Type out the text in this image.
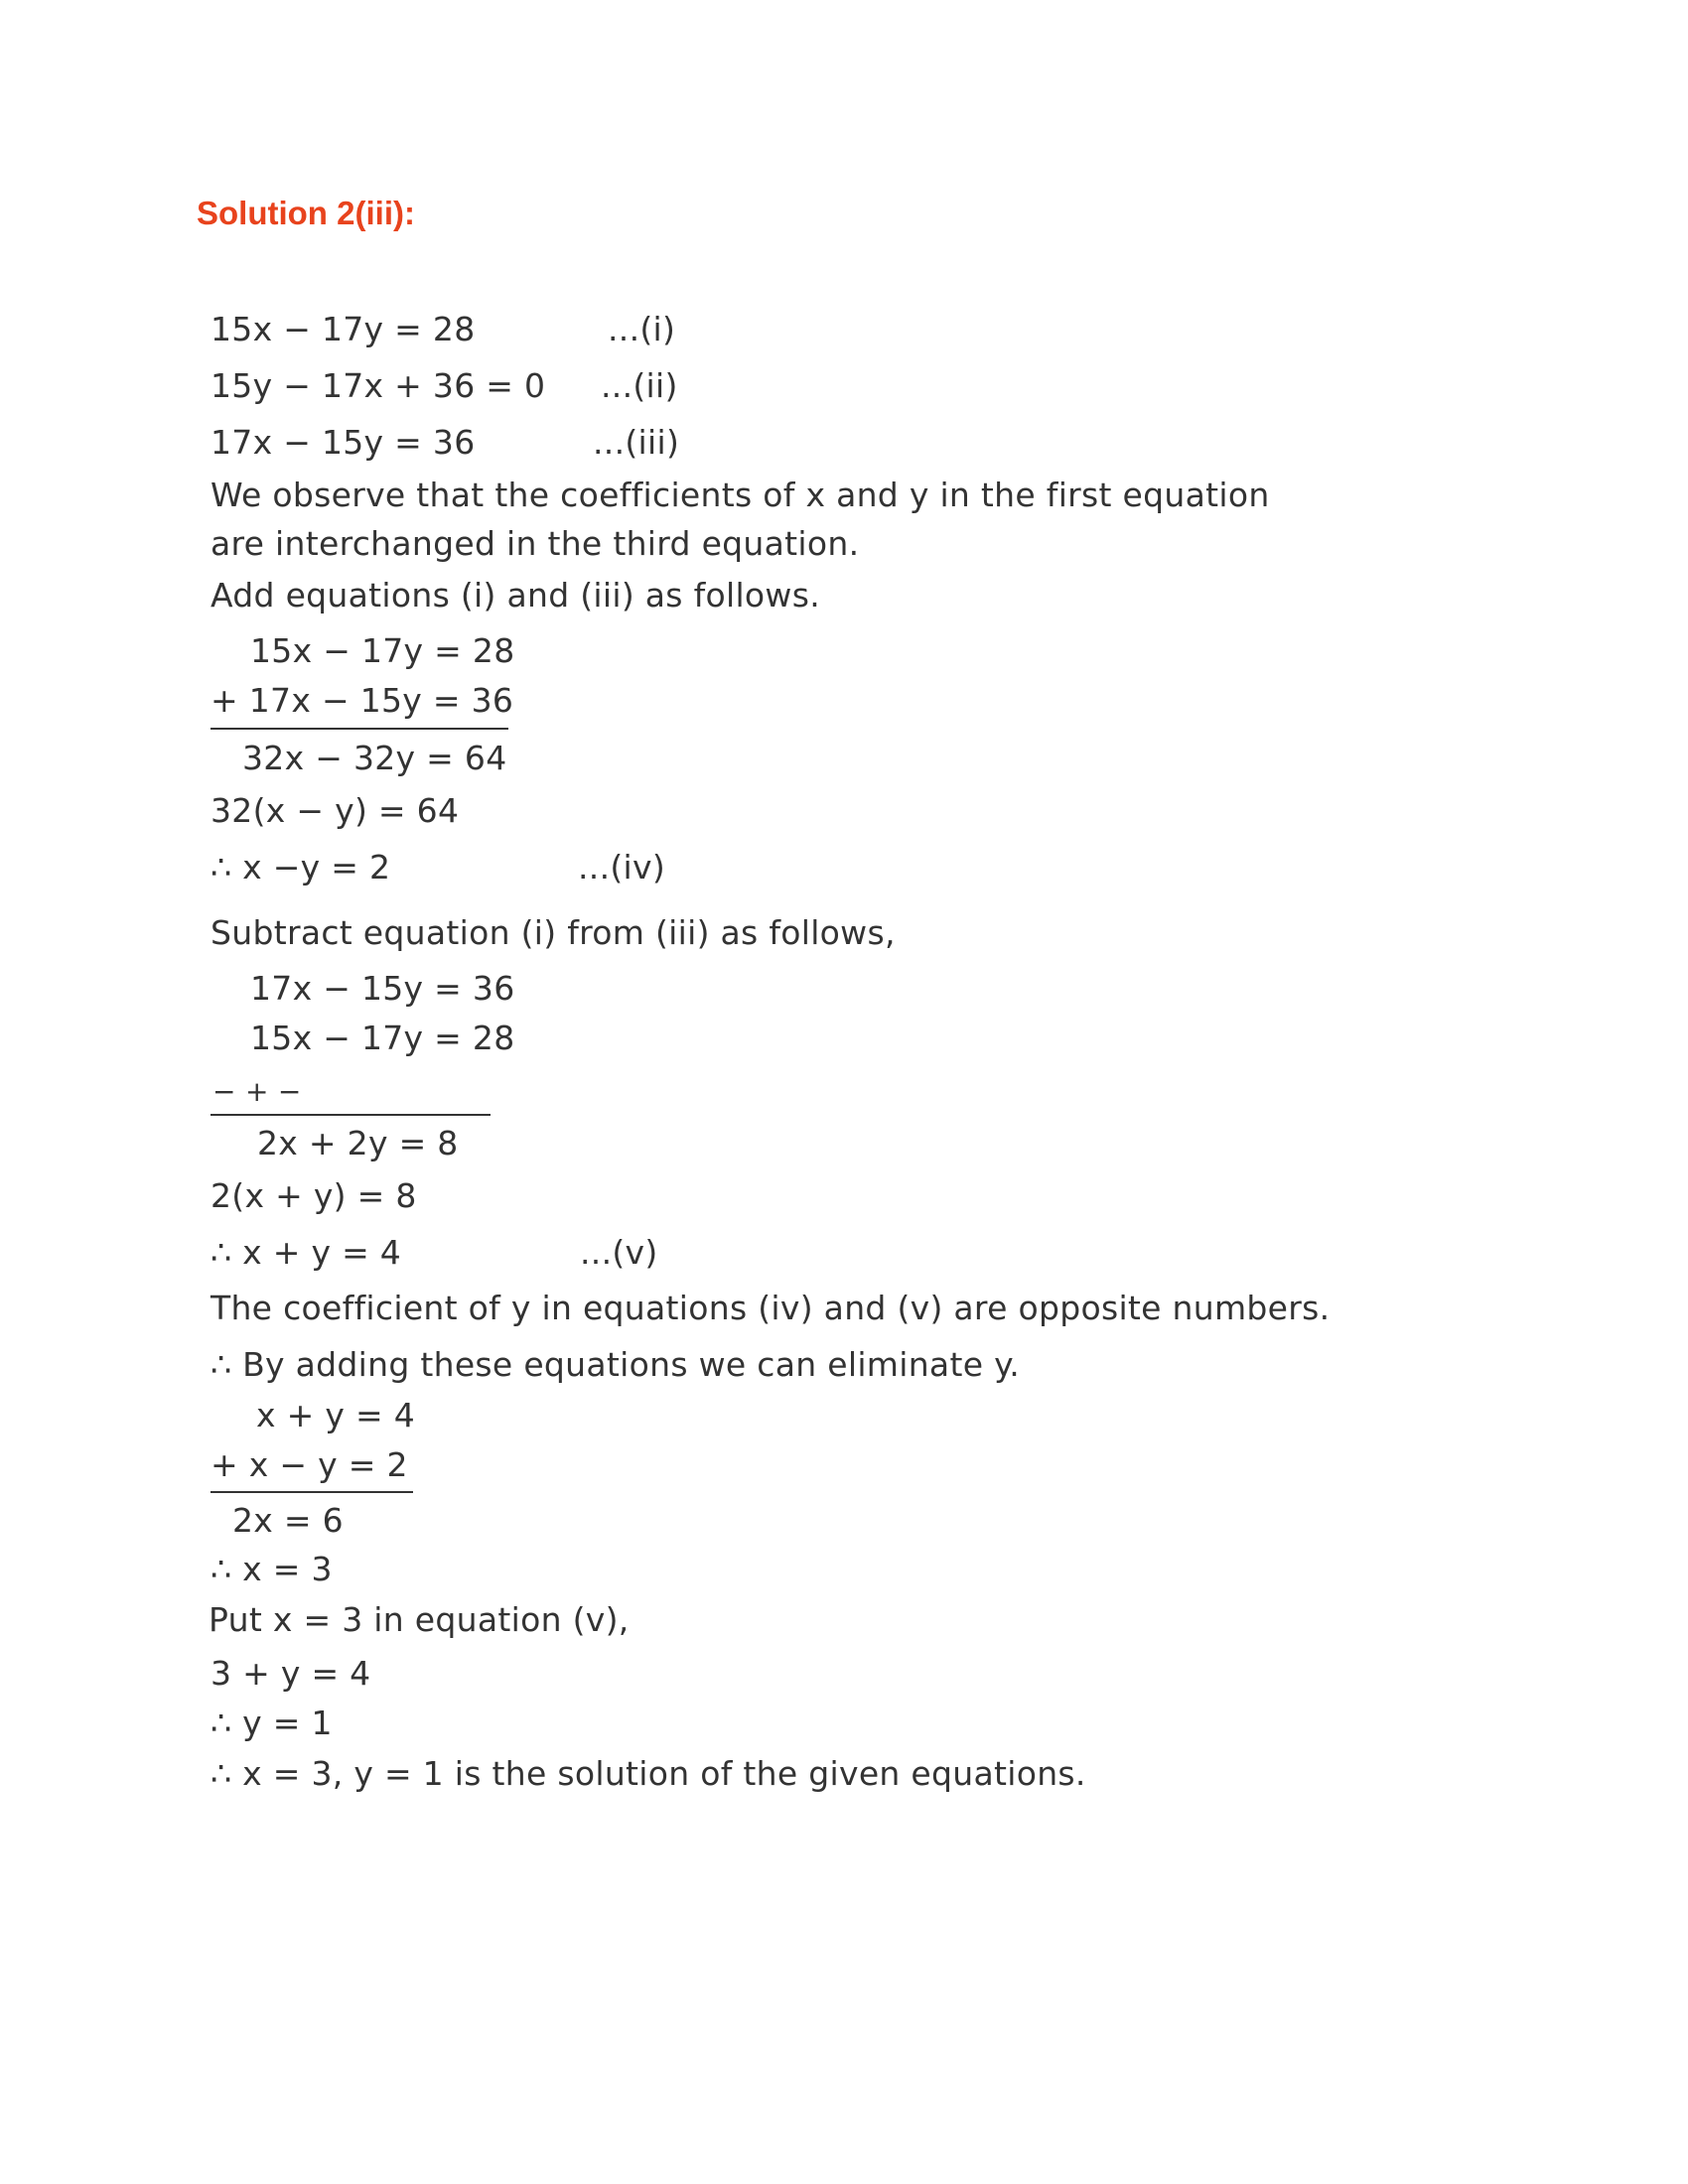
Solution 2(iii):
15x − 17y = 28	...(i)
15y − 17x + 36 = 0 ...(ii)
17x − 15y = 36	...(iii)
We observe that the coefficients of x and y in the first equation
are interchanged in the third equation.
Add equations (i) and (iii) as follows.
15x − 17y = 28
+ 17x − 15y = 36
32x − 32y = 64
32(x − y) = 64
∴ x −y = 2	...(iv)
Subtract equation (i) from (iii) as follows,
17x − 15y = 36
15x − 17y = 28
− + −
2x + 2y = 8
2(x + y) = 8
∴ x + y = 4	...(v)
The coefficient of y in equations (iv) and (v) are opposite numbers.
∴ By adding these equations we can eliminate y.
x + y = 4
+ x − y = 2
2x = 6
∴ x = 3
Put x = 3 in equation (v),
3 + y = 4
∴ y = 1
∴ x = 3, y = 1 is the solution of the given equations.
